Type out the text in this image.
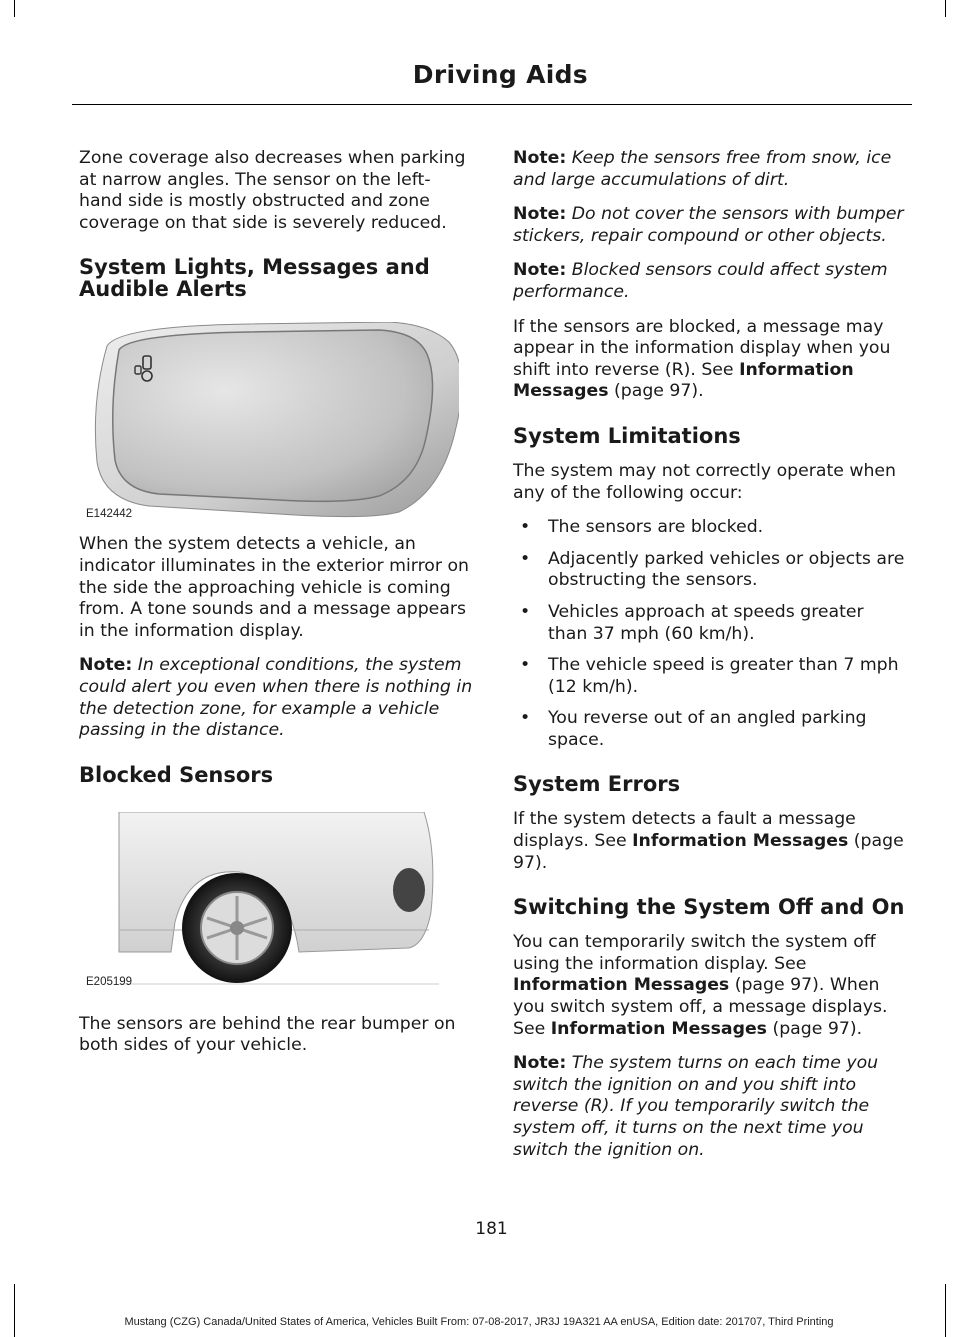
Driving Aids

Zone coverage also decreases when parking at narrow angles. The sensor on the left-hand side is mostly obstructed and zone coverage on that side is severely reduced.

System Lights, Messages and Audible Alerts
E142442

When the system detects a vehicle, an indicator illuminates in the exterior mirror on the side the approaching vehicle is coming from. A tone sounds and a message appears in the information display.

Note: In exceptional conditions, the system could alert you even when there is nothing in the detection zone, for example a vehicle passing in the distance.

Blocked Sensors
E205199

The sensors are behind the rear bumper on both sides of your vehicle.

Note: Keep the sensors free from snow, ice and large accumulations of dirt.

Note: Do not cover the sensors with bumper stickers, repair compound or other objects.

Note: Blocked sensors could affect system performance.

If the sensors are blocked, a message may appear in the information display when you shift into reverse (R). See Information Messages (page 97).

System Limitations

The system may not correctly operate when any of the following occur:

• The sensors are blocked.
• Adjacently parked vehicles or objects are obstructing the sensors.
• Vehicles approach at speeds greater than 37 mph (60 km/h).
• The vehicle speed is greater than 7 mph (12 km/h).
• You reverse out of an angled parking space.
System Errors

If the system detects a fault a message displays. See Information Messages (page 97).

Switching the System Off and On

You can temporarily switch the system off using the information display. See Information Messages (page 97). When you switch system off, a message displays. See Information Messages (page 97).

Note: The system turns on each time you switch the ignition on and you shift into reverse (R). If you temporarily switch the system off, it turns on the next time you switch the ignition on.

181
Mustang (CZG) Canada/United States of America, Vehicles Built From: 07-08-2017, JR3J 19A321 AA enUSA, Edition date: 201707, Third Printing
